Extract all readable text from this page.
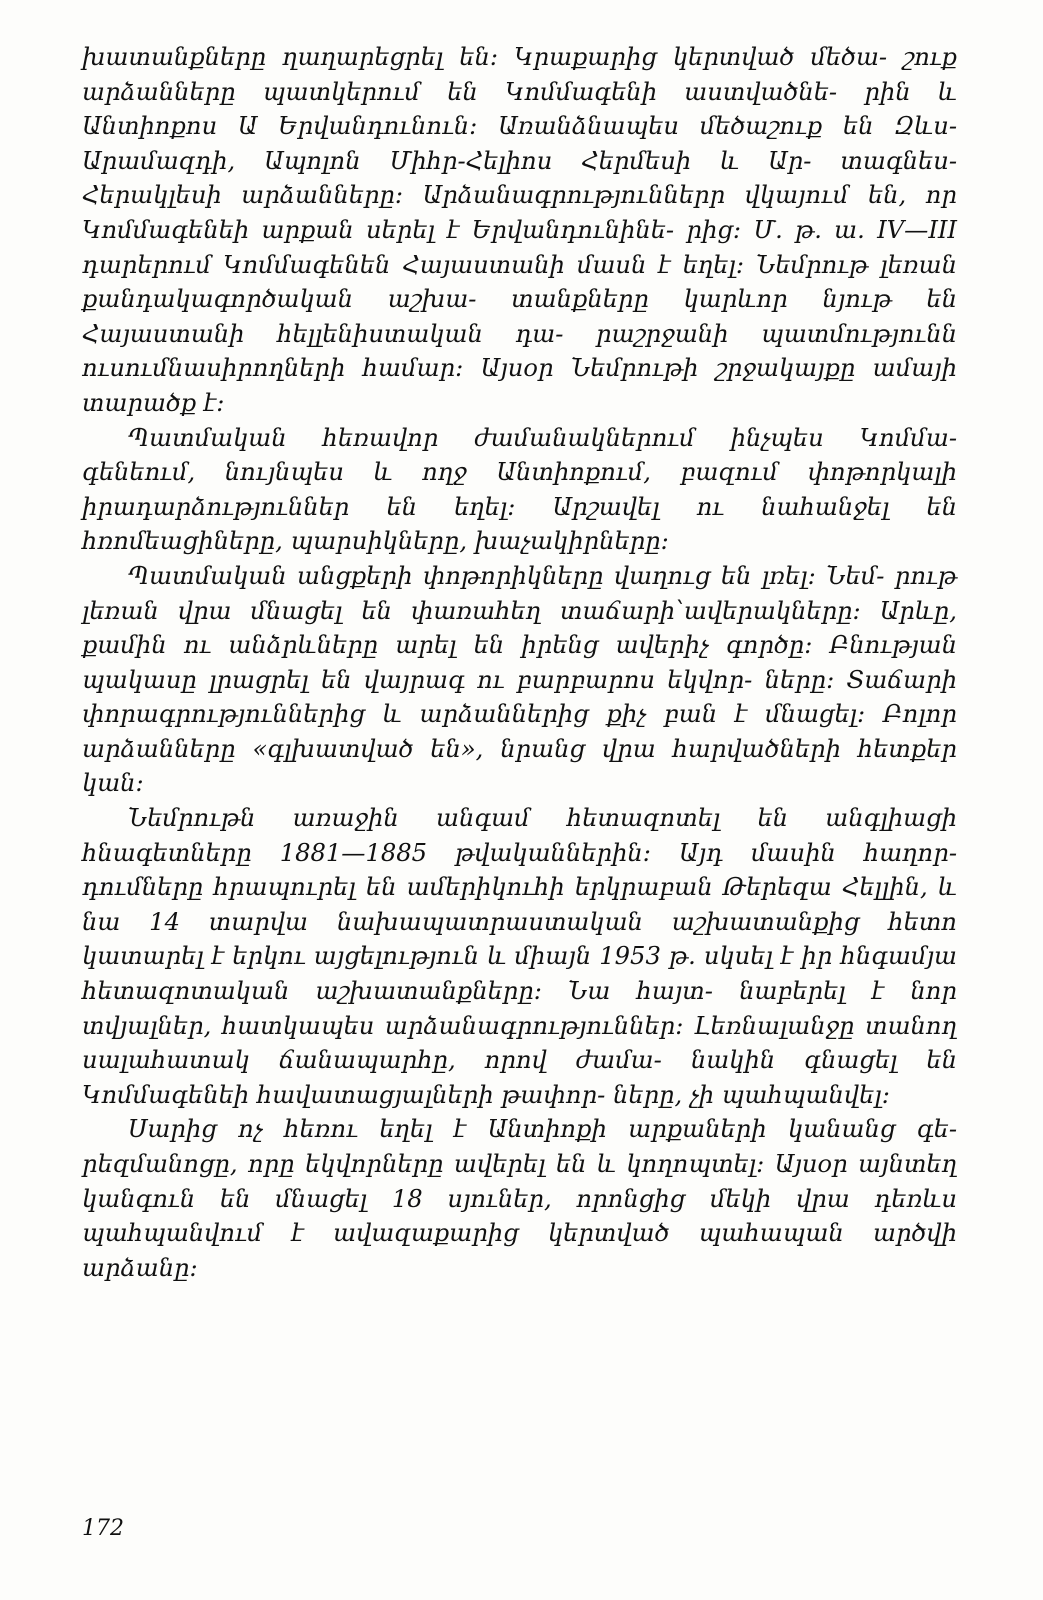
խատանքները ղաղարեցրել են։ Կրաքարից կերտված մեծա- շուք արձանները պատկերում են Կոմմագենի աստվածնե- րին և Անտիոքոս Ա Երվանդունուն։ Առանձնապես մեծաշուք են Զևս-Արամազդի, Ապոլոն Միհր-Հելիոս Հերմեսի և Ար- տագնես-Հերակլեսի արձանները։ Արձանագրություններր վկայում են, որ Կոմմագենեի արքան սերել է Երվանդունինե- րից։ Մ. թ. ա. IV—III դարերում Կոմմագենեն Հայաստանի մասն է եղել։ Նեմրութ լեռան քանդակագործական աշխա- տանքները կարևոր նյութ են Հայաստանի հելլենիստական դա- րաշրջանի պատմությունն ուսումնասիրողների համար։ Այսօր Նեմրութի շրջակայքը ամայի տարածք է։

Պատմական հեռավոր ժամանակներում ինչպես Կոմմա- գենեում, նույնպես և ողջ Անտիոքում, բազում փոթորկալի իրադարձություններ են եղել։ Արշավել ու նահանջել են հռոմեացիները, պարսիկները, խաչակիրները։

Պատմական անցքերի փոթորիկները վաղուց են լռել։ Նեմ- րութ լեռան վրա մնացել են փառահեղ տաճարի՝ավերակները։ Արևը, քամին ու անձրևները արել են իրենց ավերիչ գործը։ Բնության պակասը լրացրել են վայրագ ու բարբարոս եկվոր- ները։ Տաճարի փորագրություններից և արձաններից քիչ բան է մնացել։ Բոլոր արձանները «գլխատված են», նրանց վրա հարվածների հետքեր կան։

Նեմրութն առաջին անգամ հետազոտել են անգլիացի հնագետները 1881—1885 թվականներին։ Այդ մասին հաղոր- դումները հրապուրել են ամերիկուհի երկրաբան Թերեզա Հելլին, և նա 14 տարվա նախապատրաստական աշխատանքից հետո կատարել է երկու այցելություն և միայն 1953 թ. սկսել է իր հնգամյա հետազոտական աշխատանքները։ Նա հայտ- նաբերել է նոր տվյալներ, հատկապես արձանագրություններ։ Լեռնալանջը տանող սալահատակ ճանապարհը, որով ժամա- նակին գնացել են Կոմմագենեի հավատացյալների թափոր- ները, չի պահպանվել։

Սարից ոչ հեռու եղել է Անտիոքի արքաների կանանց գե- րեզմանոցը, որը եկվորները ավերել են և կողոպտել։ Այսօր այնտեղ կանգուն են մնացել 18 սյուներ, որոնցից մեկի վրա դեռևս պահպանվում է ավազաքարից կերտված պահապան արծվի արձանը։

172
